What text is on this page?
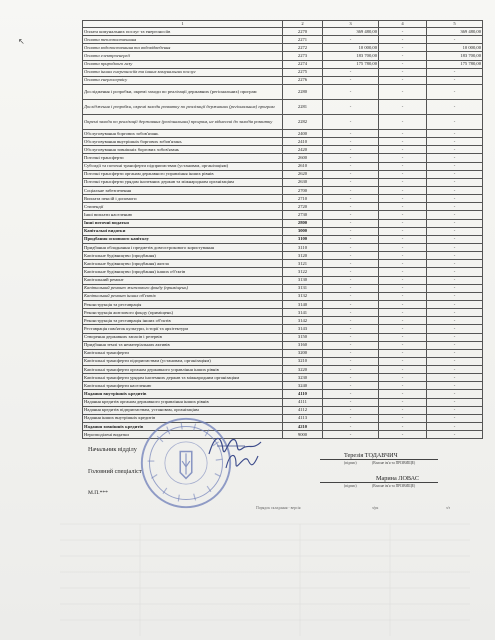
↖
1	2	3	4	5
Оплата комунальних послуг та енергоносіїв	2270	369 480,00	-	369 480,00
Оплата теплопостачання	2271	-	-	-
Оплата водопостачання та водовідведення	2272	10 000,00	-	10 000,00
Оплата електроенергії	2273	183 700,00	-	183 700,00
Оплата природного газу	2274	175 780,00	-	175 780,00
Оплата інших енергоносіїв та інших комунальних послуг	2275	-	-	-
Оплата енергосервісу	2276	-	-	-
Дослідження і розробки, окремі заходи по реалізації державних (регіональних) програм	2280	-	-	-
Дослідження і розробки, окремі заходи розвитку по реалізації державних (регіональних) програм	2281	-	-	-
Окремі заходи по реалізації державних (регіональних) програм, не віднесені до заходів розвитку	2282	-	-	-
Обслуговування боргових зобов'язань	2400	-	-	-
Обслуговування внутрішніх боргових зобов'язань	2410	-	-	-
Обслуговування зовнішніх боргових зобов'язань	2420	-	-	-
Поточні трансферти	2600	-	-	-
Субсидії та поточні трансферти підприємствам (установам, організаціям)	2610	-	-	-
Поточні трансферти органам державного управління інших рівнів	2620	-	-	-
Поточні трансферти урядам іноземних держав та міжнародним організаціям	2630	-	-	-
Соціальне забезпечення	2700	-	-	-
Виплата пенсій і допомоги	2710	-	-	-
Стипендії	2720	-	-	-
Інші виплати населенню	2730	-	-	-
Інші поточні видатки	2800	-	-	-
Капітальні видатки	3000	-	-	-
Придбання основного капіталу	3100	-	-	-
Придбання обладнання і предметів довгострокового користування	3110	-	-	-
Капітальне будівництво (придбання)	3120	-	-	-
Капітальне будівництво (придбання) житла	3121	-	-	-
Капітальне будівництво (придбання) інших об'єктів	3122	-	-	-
Капітальний ремонт	3130	-	-	-
Капітальний ремонт житлового фонду (приміщень)	3131	-	-	-
Капітальний ремонт інших об'єктів	3132	-	-	-
Реконструкція та реставрація	3140	-	-	-
Реконструкція житлового фонду (приміщень)	3141	-	-	-
Реконструкція та реставрація інших об'єктів	3142	-	-	-
Реставрація пам'яток культури, історії та архітектури	3143	-	-	-
Створення державних запасів і резервів	3150	-	-	-
Придбання землі та нематеріальних активів	3160	-	-	-
Капітальні трансферти	3200	-	-	-
Капітальні трансферти підприємствам (установам, організаціям)	3210	-	-	-
Капітальні трансферти органам державного управління інших рівнів	3220	-	-	-
Капітальні трансферти урядам іноземних держав та міжнародним організаціям	3230	-	-	-
Капітальні трансферти населенню	3240	-	-	-
Надання внутрішніх кредитів	4110	-	-	-
Надання кредитів органам державного управління інших рівнів	4111	-	-	-
Надання кредитів підприємствам, установам, організаціям	4112	-	-	-
Надання інших внутрішніх кредитів	4113	-	-	-
Надання зовнішніх кредитів	4210	-	-	-
Нерозподілені видатки	9000	-	-	-
Начальник відділу
Терезія ТОДАВЧИЧ
(підпис)	(Власне ім'я та ПРІЗВИЩЕ)
Головний спеціаліст
Марина ЛОВАС
(підпис)	(Власне ім'я та ПРІЗВИЩЕ)
М.П.***
Порядок складання - версія	з/рк	з/з
